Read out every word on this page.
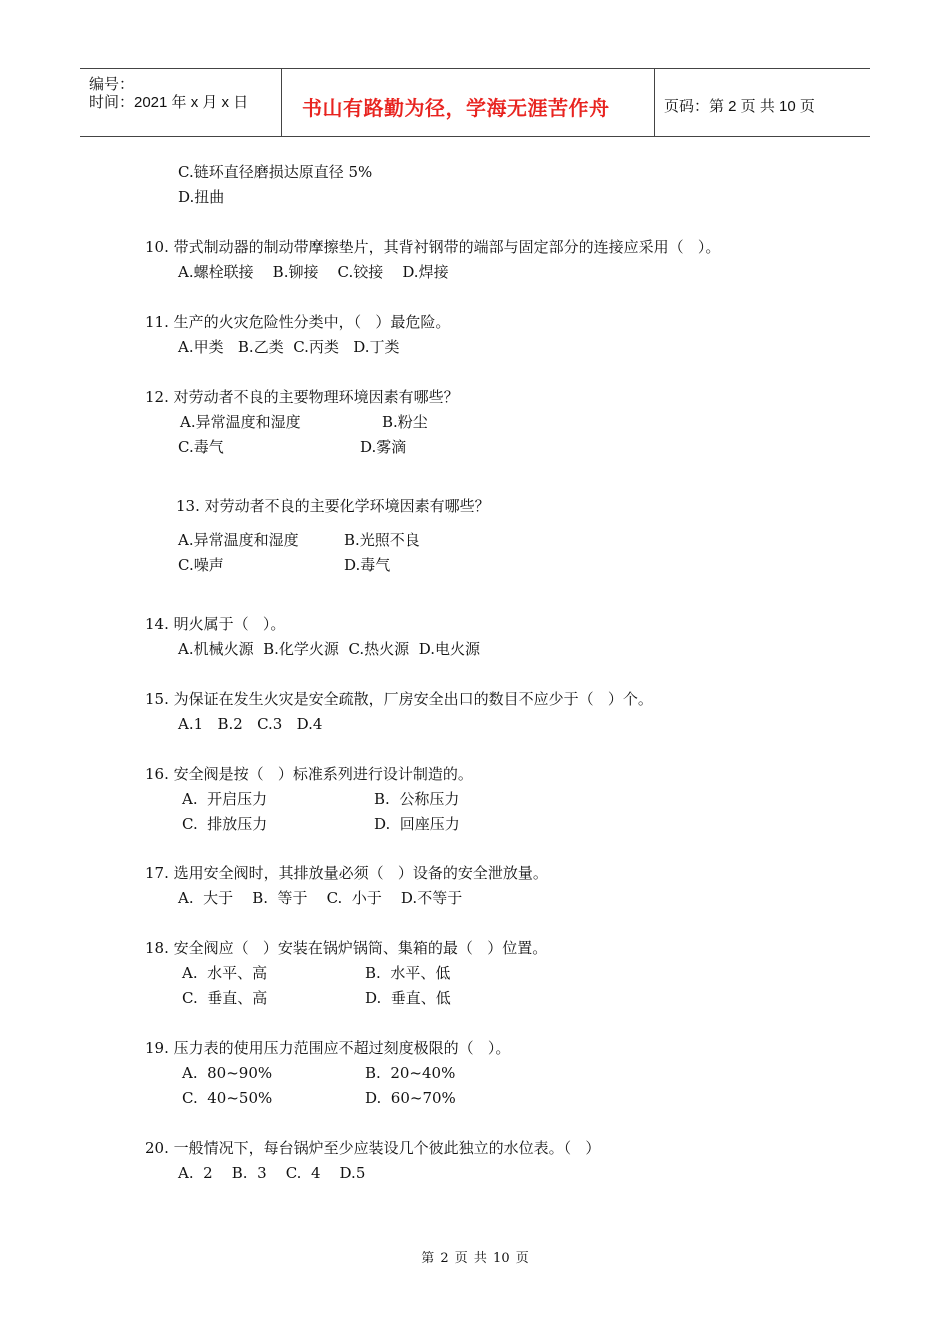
编号：
时间：2021 年 x 月 x 日	书山有路勤为径，学海无涯苦作舟	页码：第 2 页 共 10 页
C.链环直径磨损达原直径 5%
D.扭曲
10. 带式制动器的制动带摩擦垫片，其背衬钢带的端部与固定部分的连接应采用（   ）。
A.螺栓联接    B.铆接    C.铰接    D.焊接
11. 生产的火灾危险性分类中，（   ）最危险。
A.甲类   B.乙类  C.丙类   D.丁类
12. 对劳动者不良的主要物理环境因素有哪些？
A.异常温度和湿度	B.粉尘
C.毒气	D.雾滴
13. 对劳动者不良的主要化学环境因素有哪些？
A.异常温度和湿度	B.光照不良
C.噪声	D.毒气
14. 明火属于（   ）。
A.机械火源  B.化学火源  C.热火源  D.电火源
15. 为保证在发生火灾是安全疏散，厂房安全出口的数目不应少于（   ）个。
A.1   B.2   C.3   D.4
16. 安全阀是按（   ）标准系列进行设计制造的。
A.  开启压力	B.  公称压力
C.  排放压力	D.  回座压力
17. 选用安全阀时，其排放量必须（   ）设备的安全泄放量。
A.  大于    B.  等于    C.  小于    D.不等于
18. 安全阀应（   ）安装在锅炉锅筒、集箱的最（   ）位置。
A.  水平、高	B.  水平、低
C.  垂直、高	D.  垂直、低
19. 压力表的使用压力范围应不超过刻度极限的（   ）。
A.  80~90%	B.  20~40%
C.  40~50%	D.  60~70%
20. 一般情况下，每台锅炉至少应装设几个彼此独立的水位表。（   ）
A.  2    B.  3    C.  4    D.5
第 2 页 共 10 页
